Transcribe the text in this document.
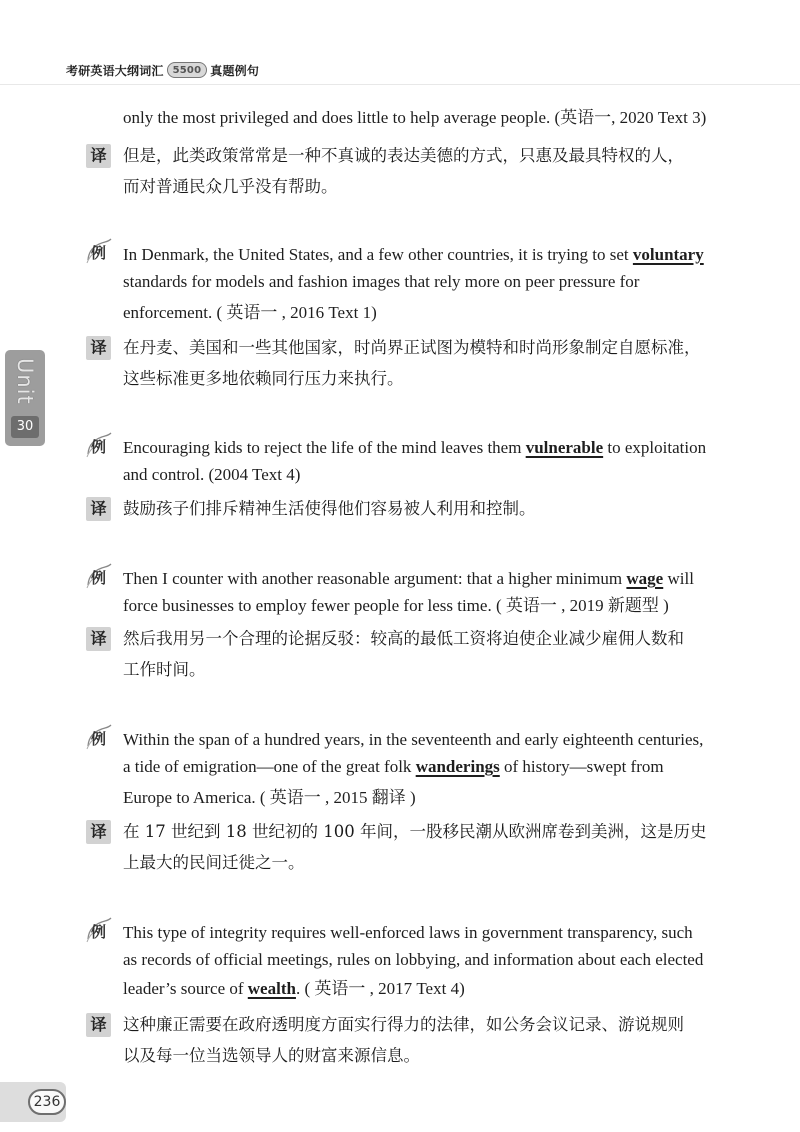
考研英语大纲词汇 5500 真题例句
Unit
30
only the most privileged and does little to help average people. (英语一, 2020 Text 3)
译 但是，此类政策常常是一种不真诚的表达美德的方式，只惠及最具特权的人，
而对普通民众几乎没有帮助。
例 In Denmark, the United States, and a few other countries, it is trying to set voluntary
standards for models and fashion images that rely more on peer pressure for
enforcement. ( 英语一 , 2016 Text 1)
译 在丹麦、美国和一些其他国家，时尚界正试图为模特和时尚形象制定自愿标准，
这些标准更多地依赖同行压力来执行。
例 Encouraging kids to reject the life of the mind leaves them vulnerable to exploitation
and control. (2004 Text 4)
译 鼓励孩子们排斥精神生活使得他们容易被人利用和控制。
例 Then I counter with another reasonable argument: that a higher minimum wage will
force businesses to employ fewer people for less time. ( 英语一 , 2019 新题型 )
译 然后我用另一个合理的论据反驳：较高的最低工资将迫使企业减少雇佣人数和
工作时间。
例 Within the span of a hundred years, in the seventeenth and early eighteenth centuries,
a tide of emigration—one of the great folk wanderings of history—swept from
Europe to America. ( 英语一 , 2015 翻译 )
译 在 17 世纪到 18 世纪初的 100 年间，一股移民潮从欧洲席卷到美洲，这是历史
上最大的民间迁徙之一。
例 This type of integrity requires well-enforced laws in government transparency, such
as records of official meetings, rules on lobbying, and information about each elected
leader’s source of wealth. ( 英语一 , 2017 Text 4)
译 这种廉正需要在政府透明度方面实行得力的法律，如公务会议记录、游说规则
以及每一位当选领导人的财富来源信息。
236
